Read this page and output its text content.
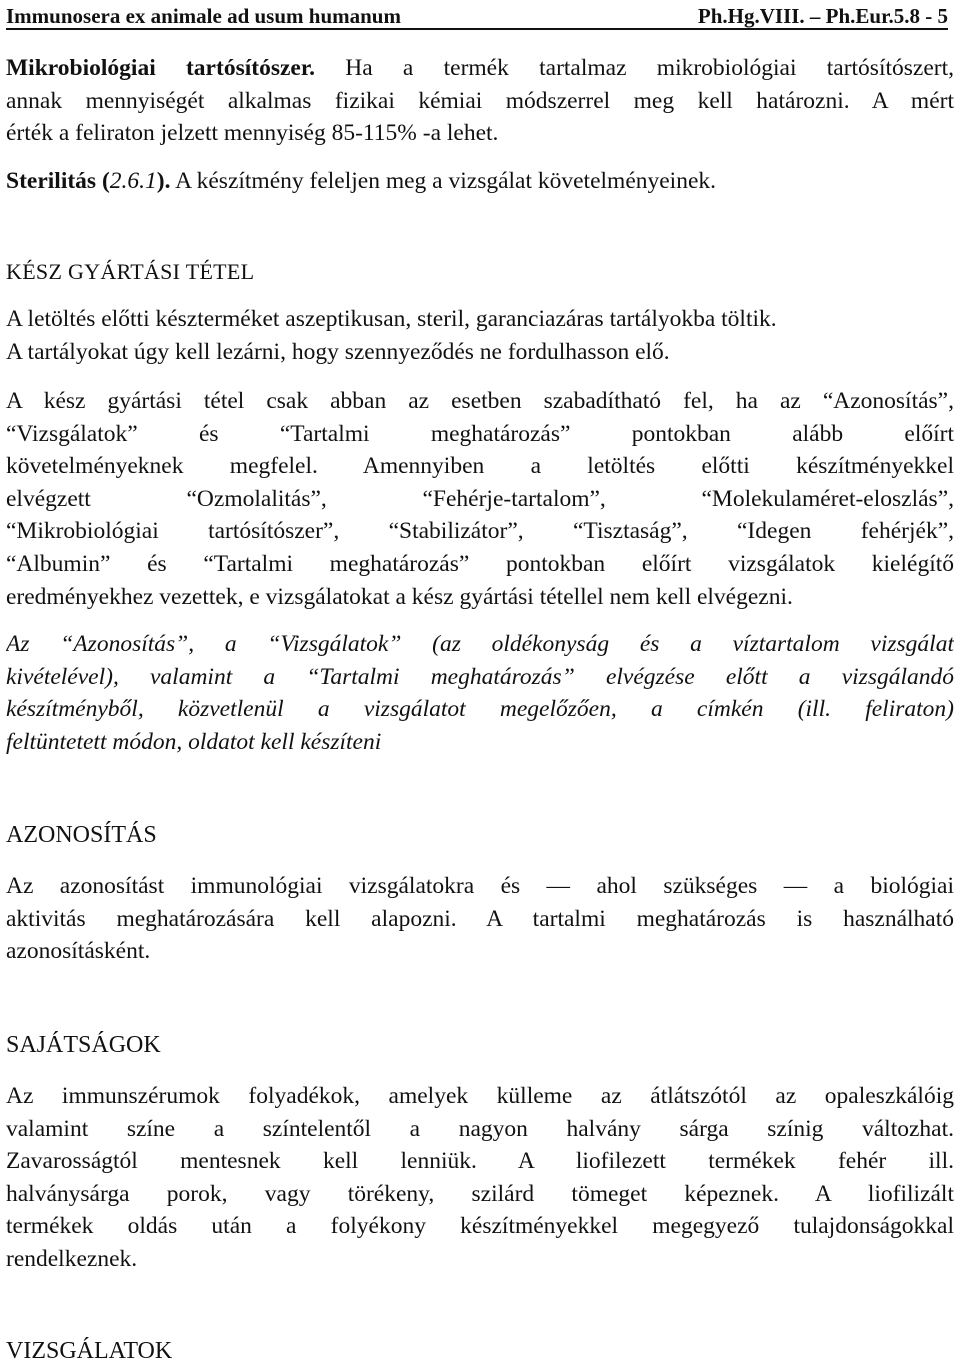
Immunosera ex animale ad usum humanum	Ph.Hg.VIII. – Ph.Eur.5.8 - 5
Mikrobiológiai tartósítószer. Ha a termék tartalmaz mikrobiológiai tartósítószert,
annak mennyiségét alkalmas fizikai kémiai módszerrel meg kell határozni. A mért
érték a feliraton jelzett mennyiség 85-115% -a lehet.
Sterilitás (2.6.1). A készítmény feleljen meg a vizsgálat követelményeinek.
KÉSZ GYÁRTÁSI TÉTEL
A letöltés előtti készterméket aszeptikusan, steril, garanciazáras tartályokba töltik.
A tartályokat úgy kell lezárni, hogy szennyeződés ne fordulhasson elő.
A kész gyártási tétel csak abban az esetben szabadítható fel, ha az “Azonosítás”,
“Vizsgálatok” és “Tartalmi meghatározás” pontokban alább előírt
követelményeknek megfelel. Amennyiben a letöltés előtti készítményekkel
elvégzett “Ozmolalitás”, “Fehérje-tartalom”, “Molekulaméret-eloszlás”,
“Mikrobiológiai tartósítószer”, “Stabilizátor”, “Tisztaság”, “Idegen fehérjék”,
“Albumin” és “Tartalmi meghatározás” pontokban előírt vizsgálatok kielégítő
eredményekhez vezettek, e vizsgálatokat a kész gyártási tétellel nem kell elvégezni.
Az “Azonosítás”, a “Vizsgálatok” (az oldékonyság és a víztartalom vizsgálat
kivételével), valamint a “Tartalmi meghatározás” elvégzése előtt a vizsgálandó
készítményből, közvetlenül a vizsgálatot megelőzően, a címkén (ill. feliraton)
feltüntetett módon, oldatot kell készíteni
AZONOSÍTÁS
Az azonosítást immunológiai vizsgálatokra és — ahol szükséges — a biológiai
aktivitás meghatározására kell alapozni. A tartalmi meghatározás is használható
azonosításként.
SAJÁTSÁGOK
Az immunszérumok folyadékok, amelyek külleme az átlátszótól az opaleszkálóig
valamint színe a színtelentől a nagyon halvány sárga színig változhat.
Zavarosságtól mentesnek kell lenniük. A liofilezett termékek fehér ill.
halványsárga porok, vagy törékeny, szilárd tömeget képeznek. A liofilizált
termékek oldás után a folyékony készítményekkel megegyező tulajdonságokkal
rendelkeznek.
VIZSGÁLATOK
